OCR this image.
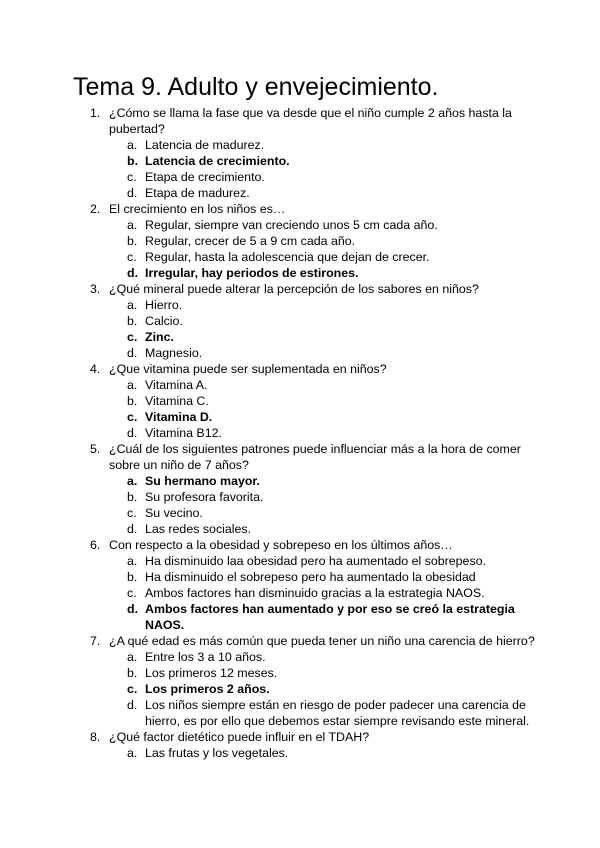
Tema 9. Adulto y envejecimiento.
1. ¿Cómo se llama la fase que va desde que el niño cumple 2 años hasta la pubertad?
a. Latencia de madurez.
b. Latencia de crecimiento.
c. Etapa de crecimiento.
d. Etapa de madurez.
2. El crecimiento en los niños es…
a. Regular, siempre van creciendo unos 5 cm cada año.
b. Regular, crecer de 5 a 9 cm cada año.
c. Regular, hasta la adolescencia que dejan de crecer.
d. Irregular, hay periodos de estirones.
3. ¿Qué mineral puede alterar la percepción de los sabores en niños?
a. Hierro.
b. Calcio.
c. Zinc.
d. Magnesio.
4. ¿Que vitamina puede ser suplementada en niños?
a. Vitamina A.
b. Vitamina C.
c. Vitamina D.
d. Vitamina B12.
5. ¿Cuál de los siguientes patrones puede influenciar más a la hora de comer sobre un niño de 7 años?
a. Su hermano mayor.
b. Su profesora favorita.
c. Su vecino.
d. Las redes sociales.
6. Con respecto a la obesidad y sobrepeso en los últimos años…
a. Ha disminuido laa obesidad pero ha aumentado el sobrepeso.
b. Ha disminuido el sobrepeso pero ha aumentado la obesidad
c. Ambos factores han disminuido gracias a la estrategia NAOS.
d. Ambos factores han aumentado y por eso se creó la estrategia NAOS.
7. ¿A qué edad es más común que pueda tener un niño una carencia de hierro?
a. Entre los 3 a 10 años.
b. Los primeros 12 meses.
c. Los primeros 2 años.
d. Los niños siempre están en riesgo de poder padecer una carencia de hierro, es por ello que debemos estar siempre revisando este mineral.
8. ¿Qué factor dietético puede influir en el TDAH?
a. Las frutas y los vegetales.
